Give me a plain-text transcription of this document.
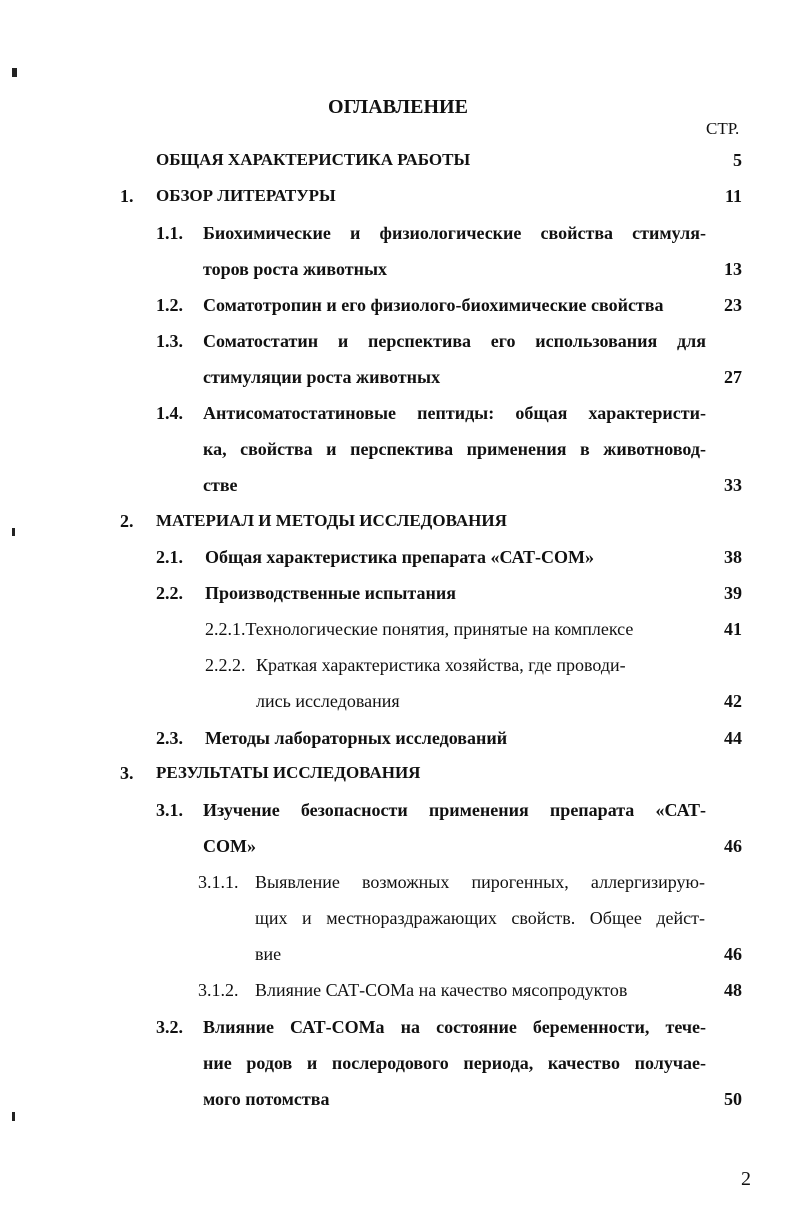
ОГЛАВЛЕНИЕ
СТР.
ОБЩАЯ ХАРАКТЕРИСТИКА РАБОТЫ	5
1. ОБЗОР ЛИТЕРАТУРЫ	11
1.1. Биохимические и физиологические свойства стимуля-
торов роста животных	13
1.2. Соматотропин и его физиолого-биохимические свойства	23
1.3. Соматостатин и перспектива его использования для
стимуляции роста животных	27
1.4. Антисоматостатиновые пептиды: общая характеристи-
ка, свойства и перспектива применения в животновод-
стве	33
2. МАТЕРИАЛ И МЕТОДЫ ИССЛЕДОВАНИЯ
2.1. Общая характеристика препарата «САТ-СОМ»	38
2.2. Производственные испытания	39
2.2.1.Технологические понятия, принятые на комплексе	41
2.2.2. Краткая характеристика хозяйства, где проводи-
лись исследования	42
2.3. Методы лабораторных исследований	44
3. РЕЗУЛЬТАТЫ ИССЛЕДОВАНИЯ
3.1. Изучение безопасности применения препарата «САТ-
СОМ»	46
3.1.1. Выявление возможных пирогенных, аллергизирую-
щих и местнораздражающих свойств. Общее дейст-
вие	46
3.1.2. Влияние САТ-СОМа на качество мясопродуктов	48
3.2. Влияние САТ-СОМа на состояние беременности, тече-
ние родов и послеродового периода, качество получае-
мого потомства	50
2
